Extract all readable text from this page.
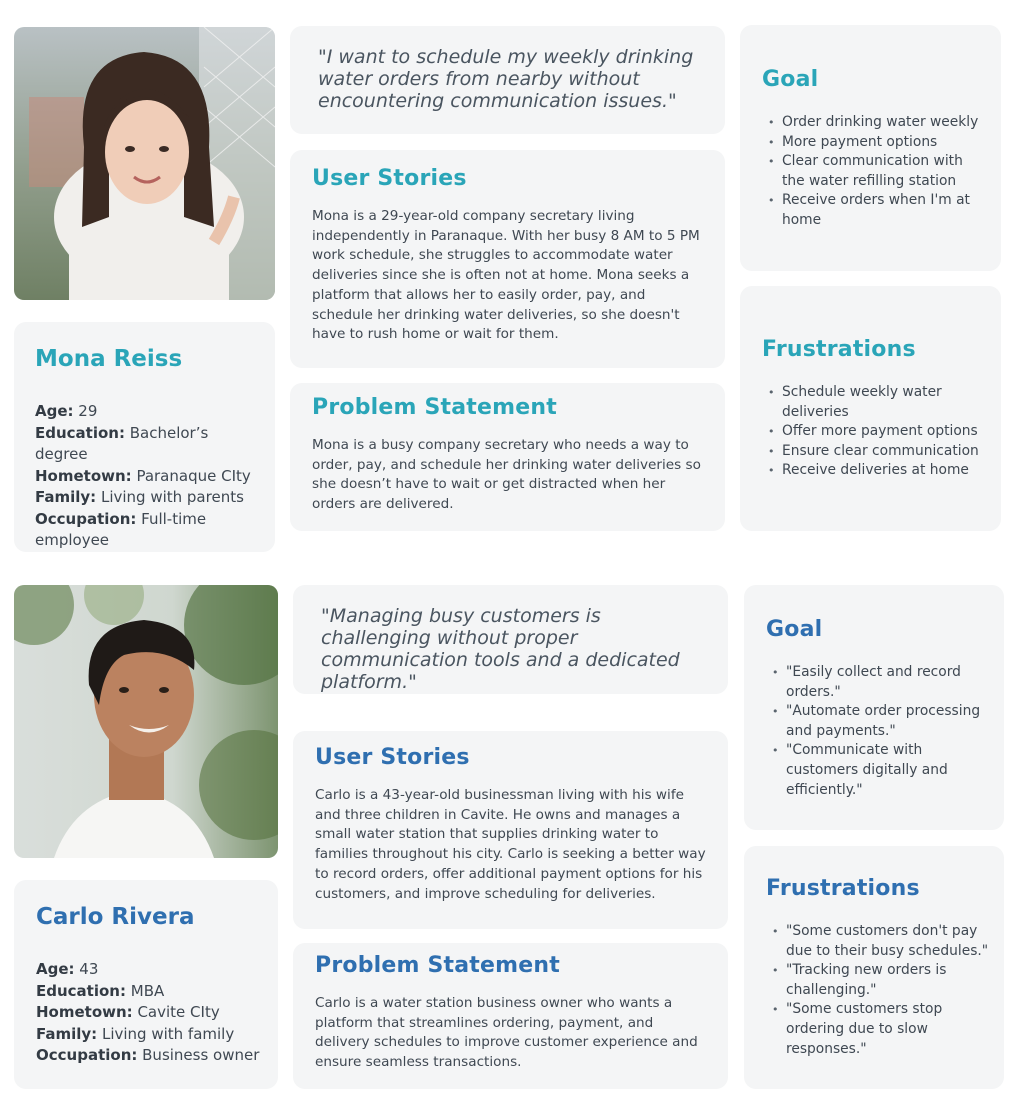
Mona Reiss
Age: 29
Education: Bachelor’s degree
Hometown: Paranaque CIty
Family: Living with parents
Occupation: Full-time employee

"I want to schedule my weekly drinking water orders from nearby without encountering communication issues."

User Stories

Mona is a 29-year-old company secretary living independently in Paranaque. With her busy 8 AM to 5 PM work schedule, she struggles to accommodate water deliveries since she is often not at home. Mona seeks a platform that allows her to easily order, pay, and schedule her drinking water deliveries, so she doesn't have to rush home or wait for them.

Problem Statement

Mona is a busy company secretary who needs a way to order, pay, and schedule her drinking water deliveries so she doesn’t have to wait or get distracted when her orders are delivered.

Goal
• Order drinking water weekly
• More payment options
• Clear communication with the water refilling station
• Receive orders when I'm at home
Frustrations
• Schedule weekly water deliveries
• Offer more payment options
• Ensure clear communication
• Receive deliveries at home
Carlo Rivera
Age: 43
Education: MBA
Hometown: Cavite CIty
Family: Living with family
Occupation: Business owner

"Managing busy customers is challenging without proper communication tools and a dedicated platform."

User Stories

Carlo is a 43-year-old businessman living with his wife and three children in Cavite. He owns and manages a small water station that supplies drinking water to families throughout his city. Carlo is seeking a better way to record orders, offer additional payment options for his customers, and improve scheduling for deliveries.

Problem Statement

Carlo is a water station business owner who wants a platform that streamlines ordering, payment, and delivery schedules to improve customer experience and ensure seamless transactions.

Goal
• "Easily collect and record orders."
• "Automate order processing and payments."
• "Communicate with customers digitally and efficiently."
Frustrations
• "Some customers don't pay due to their busy schedules."
• "Tracking new orders is challenging."
• "Some customers stop ordering due to slow responses."
